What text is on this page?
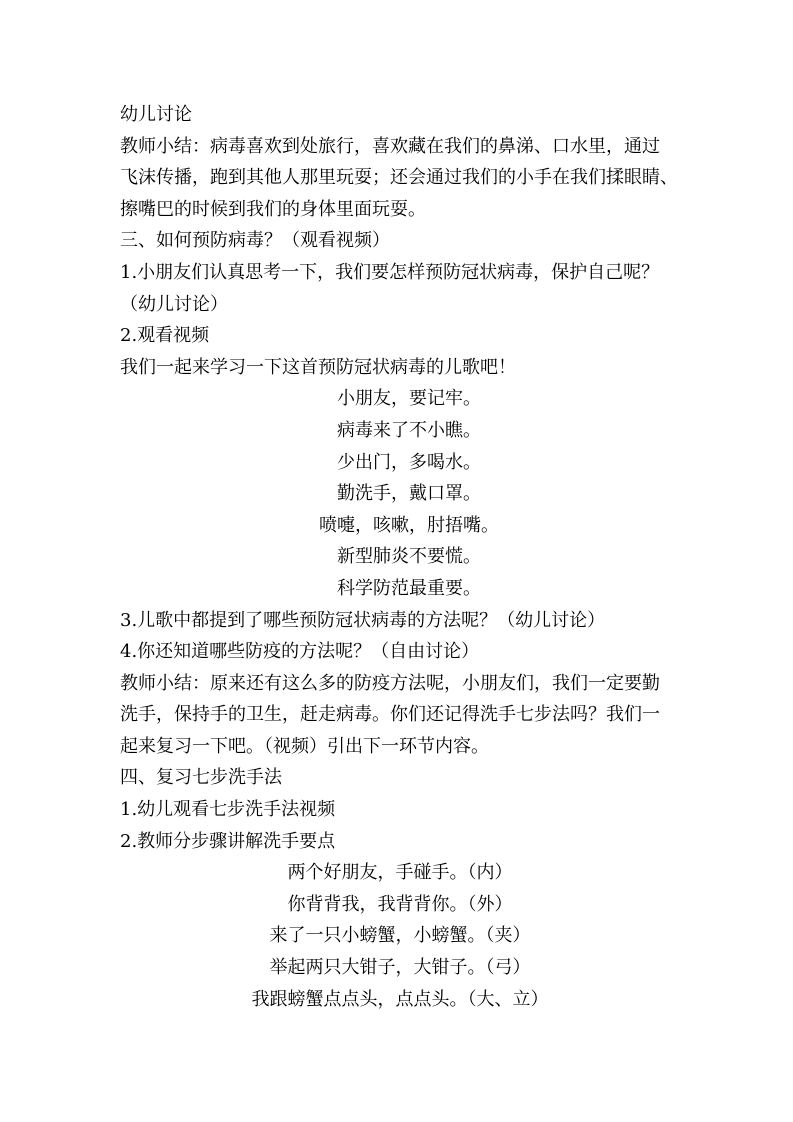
幼儿讨论
教师小结：病毒喜欢到处旅行，喜欢藏在我们的鼻涕、口水里，通过
飞沫传播，跑到其他人那里玩耍；还会通过我们的小手在我们揉眼睛、
擦嘴巴的时候到我们的身体里面玩耍。
三、如何预防病毒？（观看视频）
1.小朋友们认真思考一下，我们要怎样预防冠状病毒，保护自己呢？
（幼儿讨论）
2.观看视频
我们一起来学习一下这首预防冠状病毒的儿歌吧！
小朋友，要记牢。
病毒来了不小瞧。
少出门，多喝水。
勤洗手，戴口罩。
喷嚏，咳嗽，肘捂嘴。
新型肺炎不要慌。
科学防范最重要。
3.儿歌中都提到了哪些预防冠状病毒的方法呢？（幼儿讨论）
4.你还知道哪些防疫的方法呢？（自由讨论）
教师小结：原来还有这么多的防疫方法呢，小朋友们，我们一定要勤
洗手，保持手的卫生，赶走病毒。你们还记得洗手七步法吗？我们一
起来复习一下吧。（视频）引出下一环节内容。
四、复习七步洗手法
1.幼儿观看七步洗手法视频
2.教师分步骤讲解洗手要点
两个好朋友，手碰手。（内）
你背背我，我背背你。（外）
来了一只小螃蟹，小螃蟹。（夹）
举起两只大钳子，大钳子。（弓）
我跟螃蟹点点头，点点头。（大、立）
